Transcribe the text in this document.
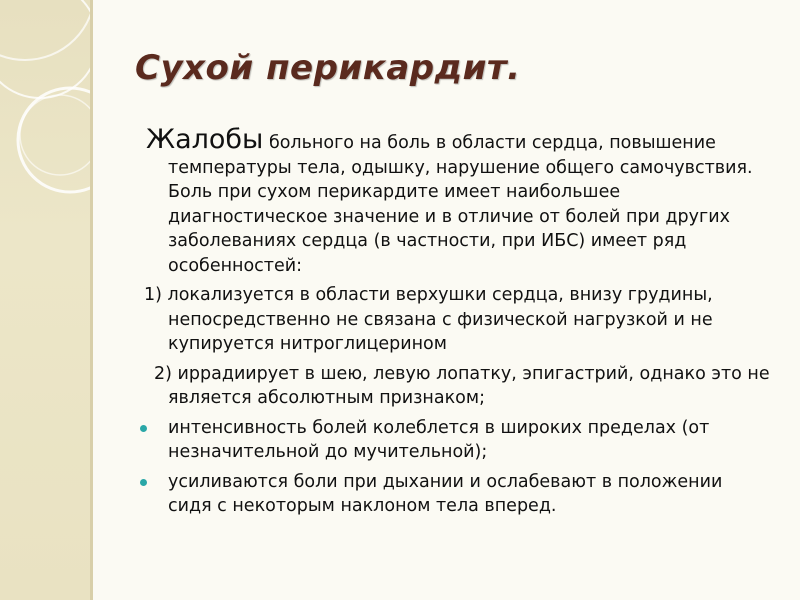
Сухой перикардит.

Жалобы больного на боль в области сердца, повышение температуры тела, одышку, нарушение общего самочувствия. Боль при сухом перикардите имеет наибольшее диагностическое значение и в отличие от болей при других заболеваниях сердца (в частности, при ИБС) имеет ряд особенностей:

1) локализуется в области верхушки сердца, внизу грудины, непосредственно не связана с физической нагрузкой и не купируется нитроглицерином

2) иррадиирует в шею, левую лопатку, эпигастрий, однако это не является абсолютным признаком;

интенсивность болей колеблется в широких пределах (от незначительной до мучительной);
усиливаются боли при дыхании и ослабевают в положении сидя с некоторым наклоном тела вперед.
